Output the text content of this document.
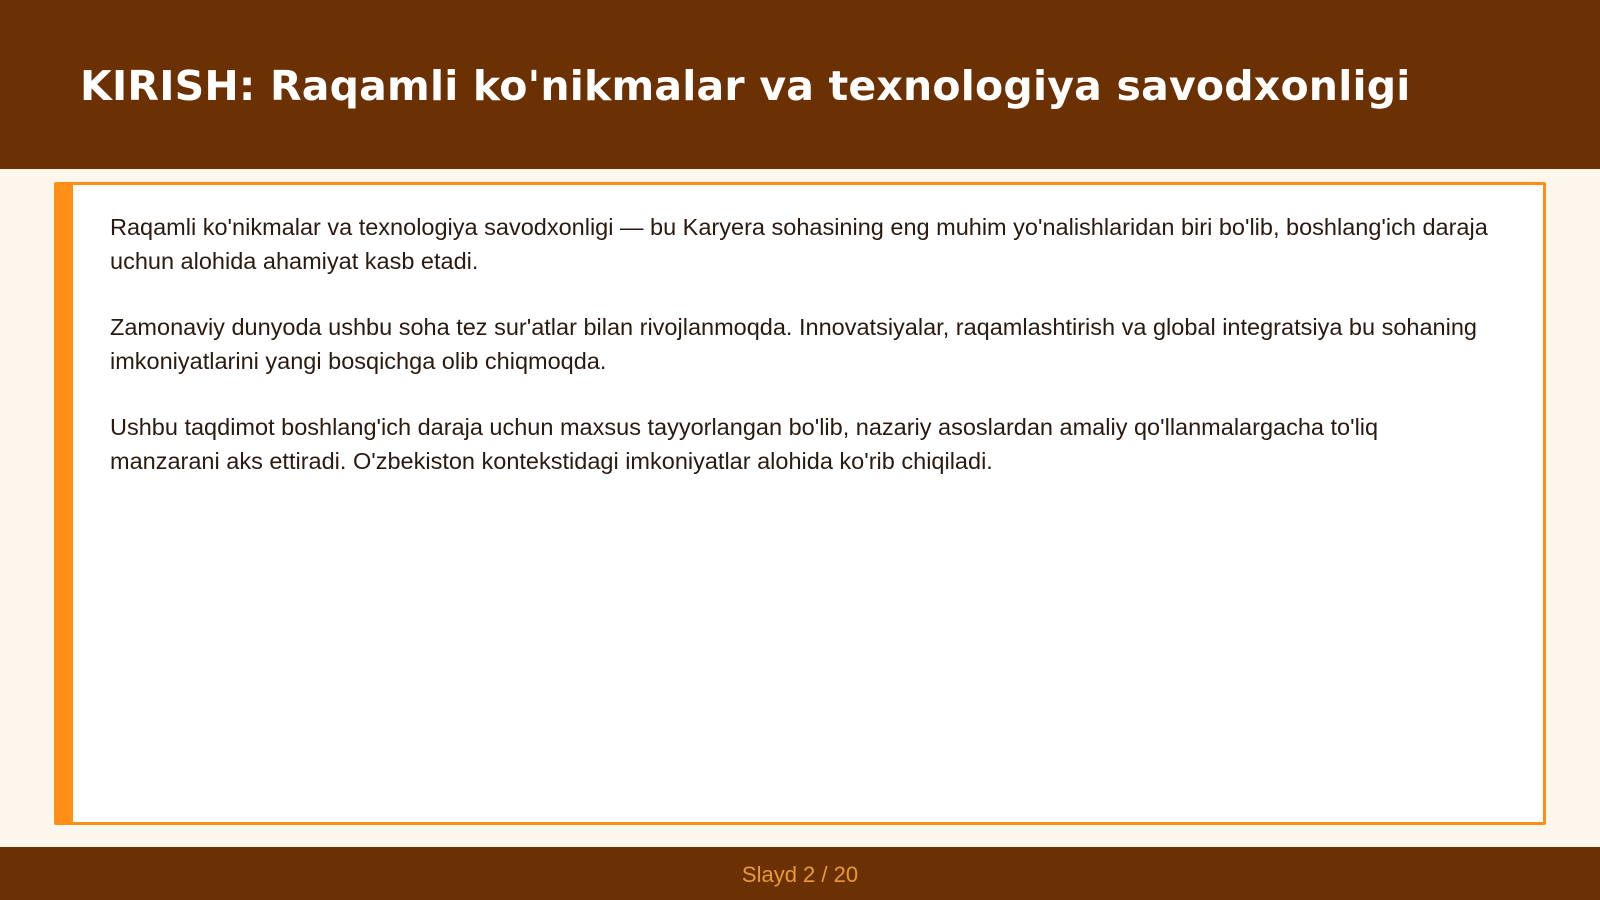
KIRISH: Raqamli ko'nikmalar va texnologiya savodxonligi

Raqamli ko'nikmalar va texnologiya savodxonligi — bu Karyera sohasining eng muhim yo'nalishlaridan biri bo'lib, boshlang'ich daraja uchun alohida ahamiyat kasb etadi.

Zamonaviy dunyoda ushbu soha tez sur'atlar bilan rivojlanmoqda. Innovatsiyalar, raqamlashtirish va global integratsiya bu sohaning imkoniyatlarini yangi bosqichga olib chiqmoqda.

Ushbu taqdimot boshlang'ich daraja uchun maxsus tayyorlangan bo'lib, nazariy asoslardan amaliy qo'llanmalargacha to'liq manzarani aks ettiradi. O'zbekiston kontekstidagi imkoniyatlar alohida ko'rib chiqiladi.

Slayd 2 / 20
